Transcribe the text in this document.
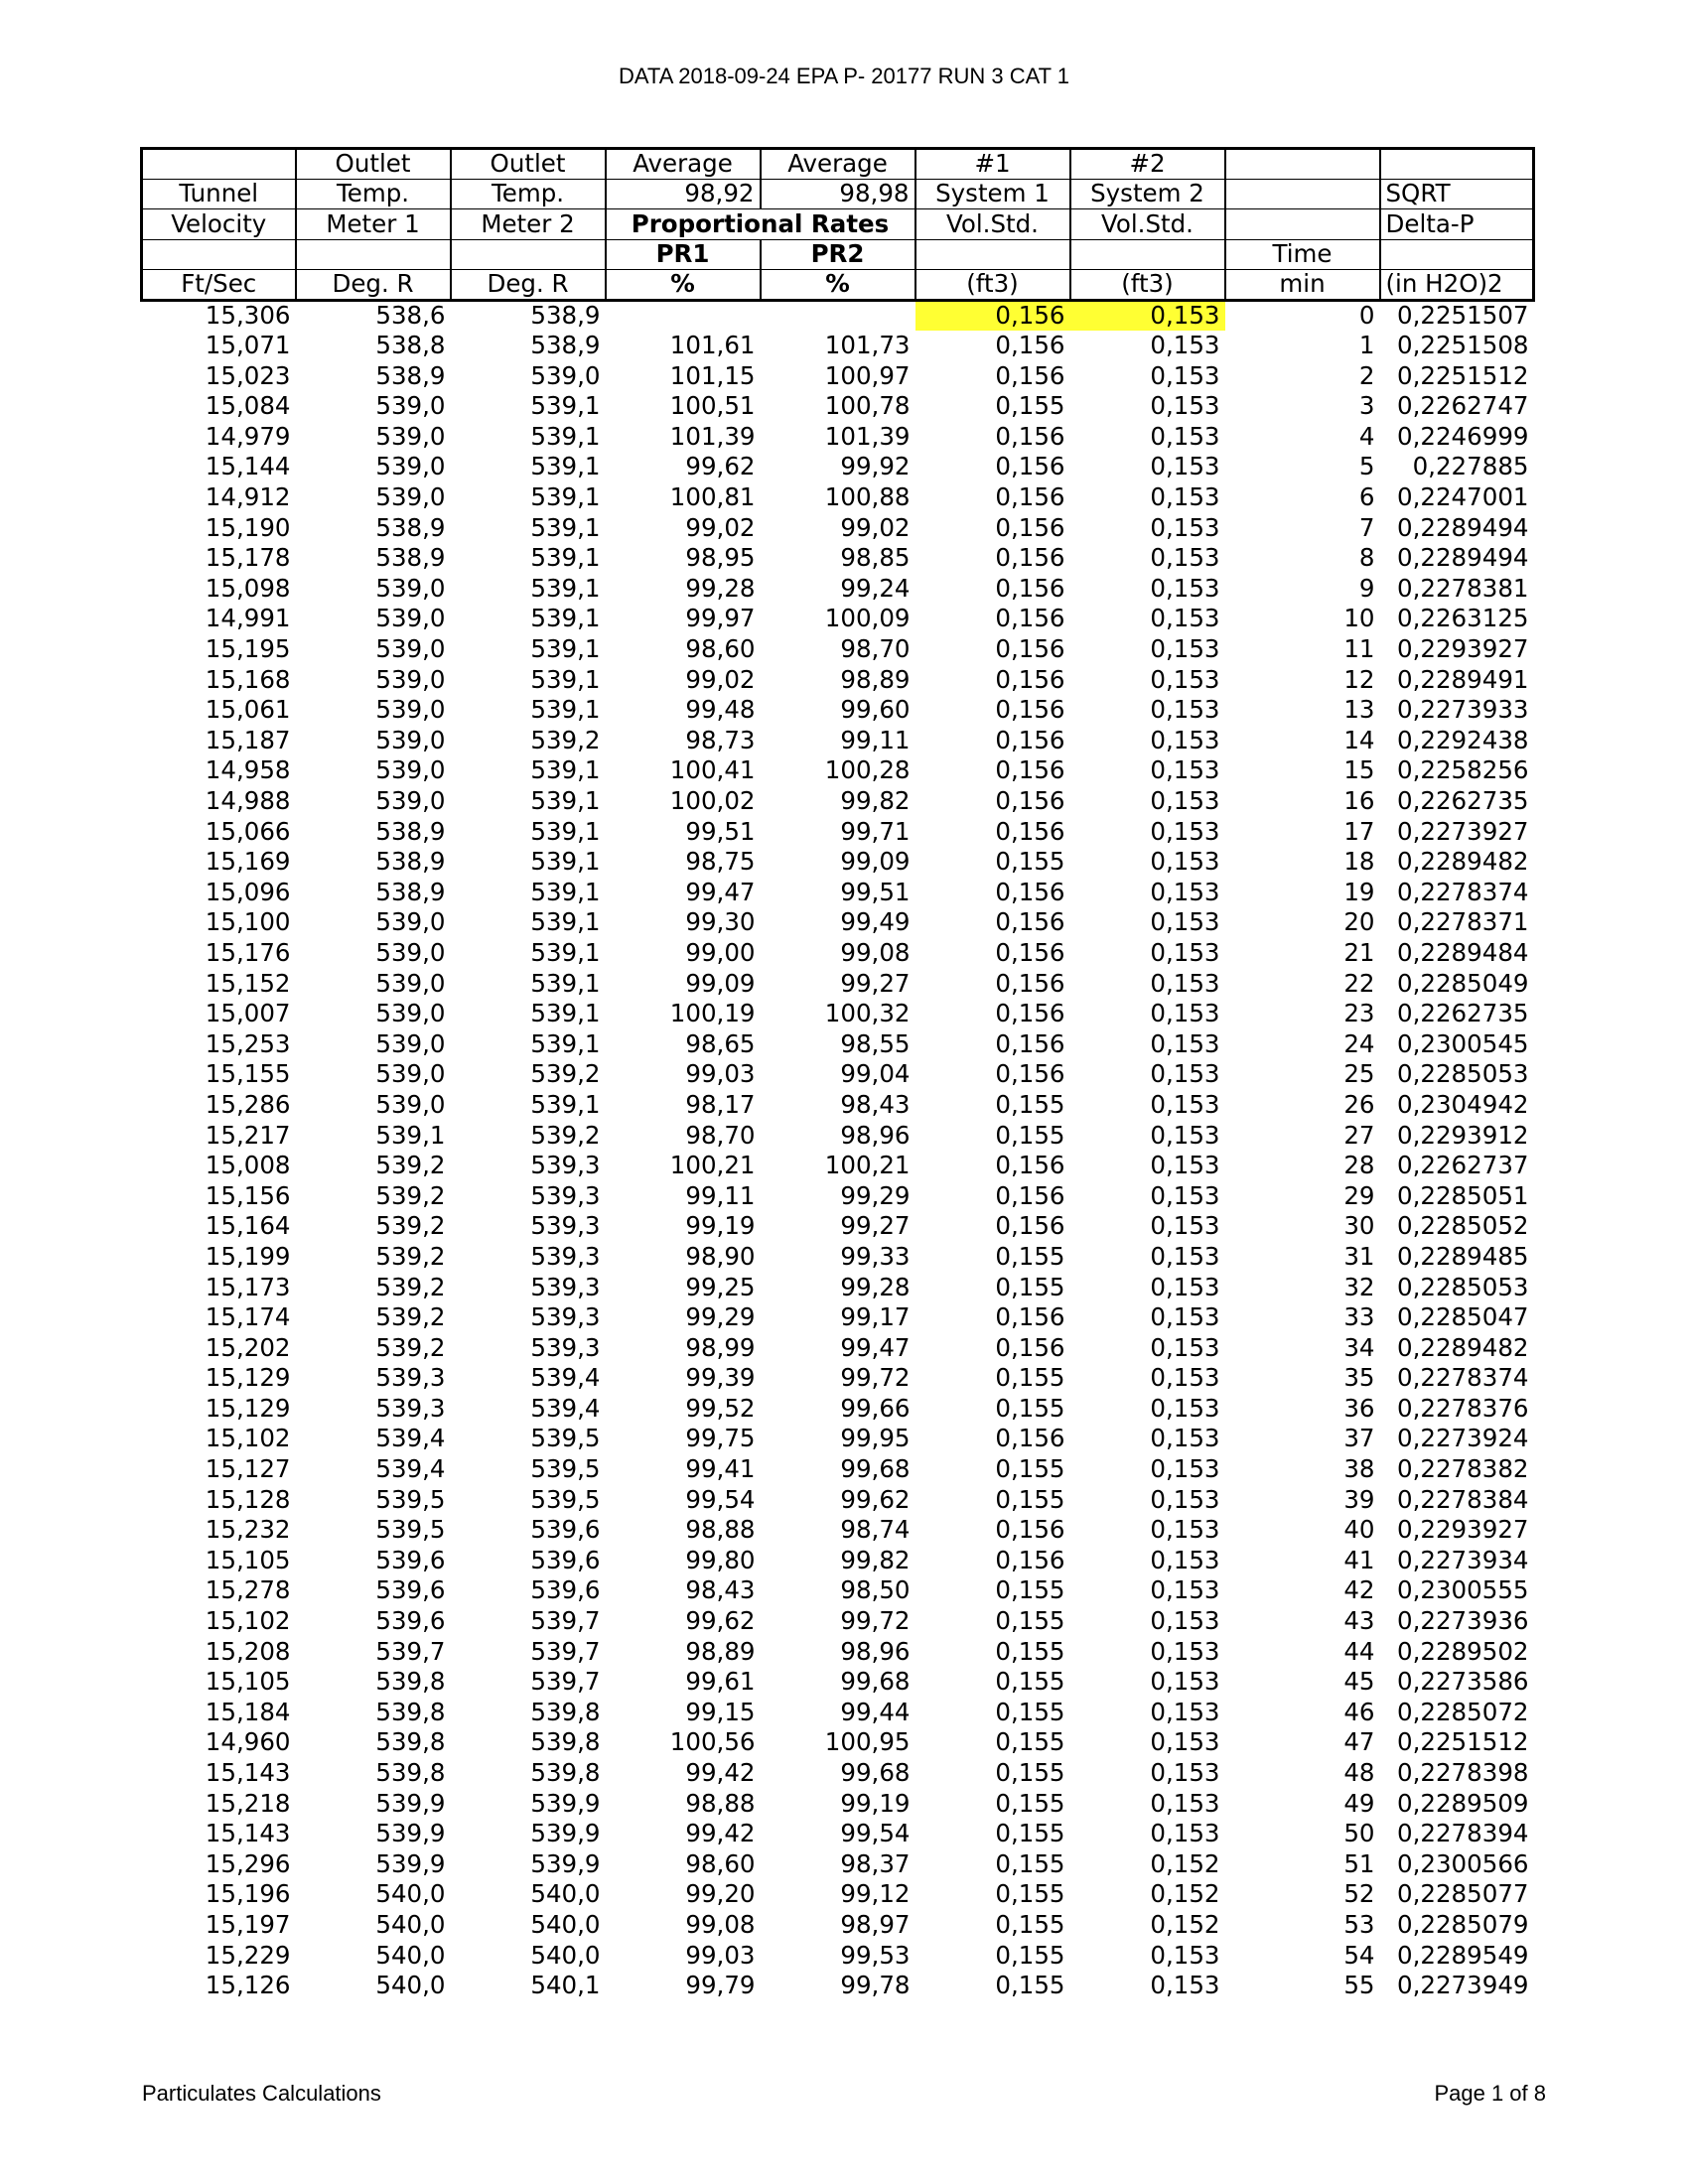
DATA 2018-09-24 EPA P- 20177 RUN 3 CAT 1
	Outlet	Outlet	Average	Average	#1	#2		
Tunnel	Temp.	Temp.	98,92	98,98	System 1	System 2		SQRT
Velocity	Meter 1	Meter 2	Proportional Rates		Vol.Std.	Vol.Std.		Delta-P
			PR1	PR2			Time	
Ft/Sec	Deg. R	Deg. R	%	%	(ft3)	(ft3)	min	(in H2O)2
15,306	538,6	538,9			0,156	0,153	0	0,2251507
15,071	538,8	538,9	101,61	101,73	0,156	0,153	1	0,2251508
15,023	538,9	539,0	101,15	100,97	0,156	0,153	2	0,2251512
15,084	539,0	539,1	100,51	100,78	0,155	0,153	3	0,2262747
14,979	539,0	539,1	101,39	101,39	0,156	0,153	4	0,2246999
15,144	539,0	539,1	99,62	99,92	0,156	0,153	5	0,227885
14,912	539,0	539,1	100,81	100,88	0,156	0,153	6	0,2247001
15,190	538,9	539,1	99,02	99,02	0,156	0,153	7	0,2289494
15,178	538,9	539,1	98,95	98,85	0,156	0,153	8	0,2289494
15,098	539,0	539,1	99,28	99,24	0,156	0,153	9	0,2278381
14,991	539,0	539,1	99,97	100,09	0,156	0,153	10	0,2263125
15,195	539,0	539,1	98,60	98,70	0,156	0,153	11	0,2293927
15,168	539,0	539,1	99,02	98,89	0,156	0,153	12	0,2289491
15,061	539,0	539,1	99,48	99,60	0,156	0,153	13	0,2273933
15,187	539,0	539,2	98,73	99,11	0,156	0,153	14	0,2292438
14,958	539,0	539,1	100,41	100,28	0,156	0,153	15	0,2258256
14,988	539,0	539,1	100,02	99,82	0,156	0,153	16	0,2262735
15,066	538,9	539,1	99,51	99,71	0,156	0,153	17	0,2273927
15,169	538,9	539,1	98,75	99,09	0,155	0,153	18	0,2289482
15,096	538,9	539,1	99,47	99,51	0,156	0,153	19	0,2278374
15,100	539,0	539,1	99,30	99,49	0,156	0,153	20	0,2278371
15,176	539,0	539,1	99,00	99,08	0,156	0,153	21	0,2289484
15,152	539,0	539,1	99,09	99,27	0,156	0,153	22	0,2285049
15,007	539,0	539,1	100,19	100,32	0,156	0,153	23	0,2262735
15,253	539,0	539,1	98,65	98,55	0,156	0,153	24	0,2300545
15,155	539,0	539,2	99,03	99,04	0,156	0,153	25	0,2285053
15,286	539,0	539,1	98,17	98,43	0,155	0,153	26	0,2304942
15,217	539,1	539,2	98,70	98,96	0,155	0,153	27	0,2293912
15,008	539,2	539,3	100,21	100,21	0,156	0,153	28	0,2262737
15,156	539,2	539,3	99,11	99,29	0,156	0,153	29	0,2285051
15,164	539,2	539,3	99,19	99,27	0,156	0,153	30	0,2285052
15,199	539,2	539,3	98,90	99,33	0,155	0,153	31	0,2289485
15,173	539,2	539,3	99,25	99,28	0,155	0,153	32	0,2285053
15,174	539,2	539,3	99,29	99,17	0,156	0,153	33	0,2285047
15,202	539,2	539,3	98,99	99,47	0,156	0,153	34	0,2289482
15,129	539,3	539,4	99,39	99,72	0,155	0,153	35	0,2278374
15,129	539,3	539,4	99,52	99,66	0,155	0,153	36	0,2278376
15,102	539,4	539,5	99,75	99,95	0,156	0,153	37	0,2273924
15,127	539,4	539,5	99,41	99,68	0,155	0,153	38	0,2278382
15,128	539,5	539,5	99,54	99,62	0,155	0,153	39	0,2278384
15,232	539,5	539,6	98,88	98,74	0,156	0,153	40	0,2293927
15,105	539,6	539,6	99,80	99,82	0,156	0,153	41	0,2273934
15,278	539,6	539,6	98,43	98,50	0,155	0,153	42	0,2300555
15,102	539,6	539,7	99,62	99,72	0,155	0,153	43	0,2273936
15,208	539,7	539,7	98,89	98,96	0,155	0,153	44	0,2289502
15,105	539,8	539,7	99,61	99,68	0,155	0,153	45	0,2273586
15,184	539,8	539,8	99,15	99,44	0,155	0,153	46	0,2285072
14,960	539,8	539,8	100,56	100,95	0,155	0,153	47	0,2251512
15,143	539,8	539,8	99,42	99,68	0,155	0,153	48	0,2278398
15,218	539,9	539,9	98,88	99,19	0,155	0,153	49	0,2289509
15,143	539,9	539,9	99,42	99,54	0,155	0,153	50	0,2278394
15,296	539,9	539,9	98,60	98,37	0,155	0,152	51	0,2300566
15,196	540,0	540,0	99,20	99,12	0,155	0,152	52	0,2285077
15,197	540,0	540,0	99,08	98,97	0,155	0,152	53	0,2285079
15,229	540,0	540,0	99,03	99,53	0,155	0,153	54	0,2289549
15,126	540,0	540,1	99,79	99,78	0,155	0,153	55	0,2273949
Particulates Calculations	Page 1 of 8
